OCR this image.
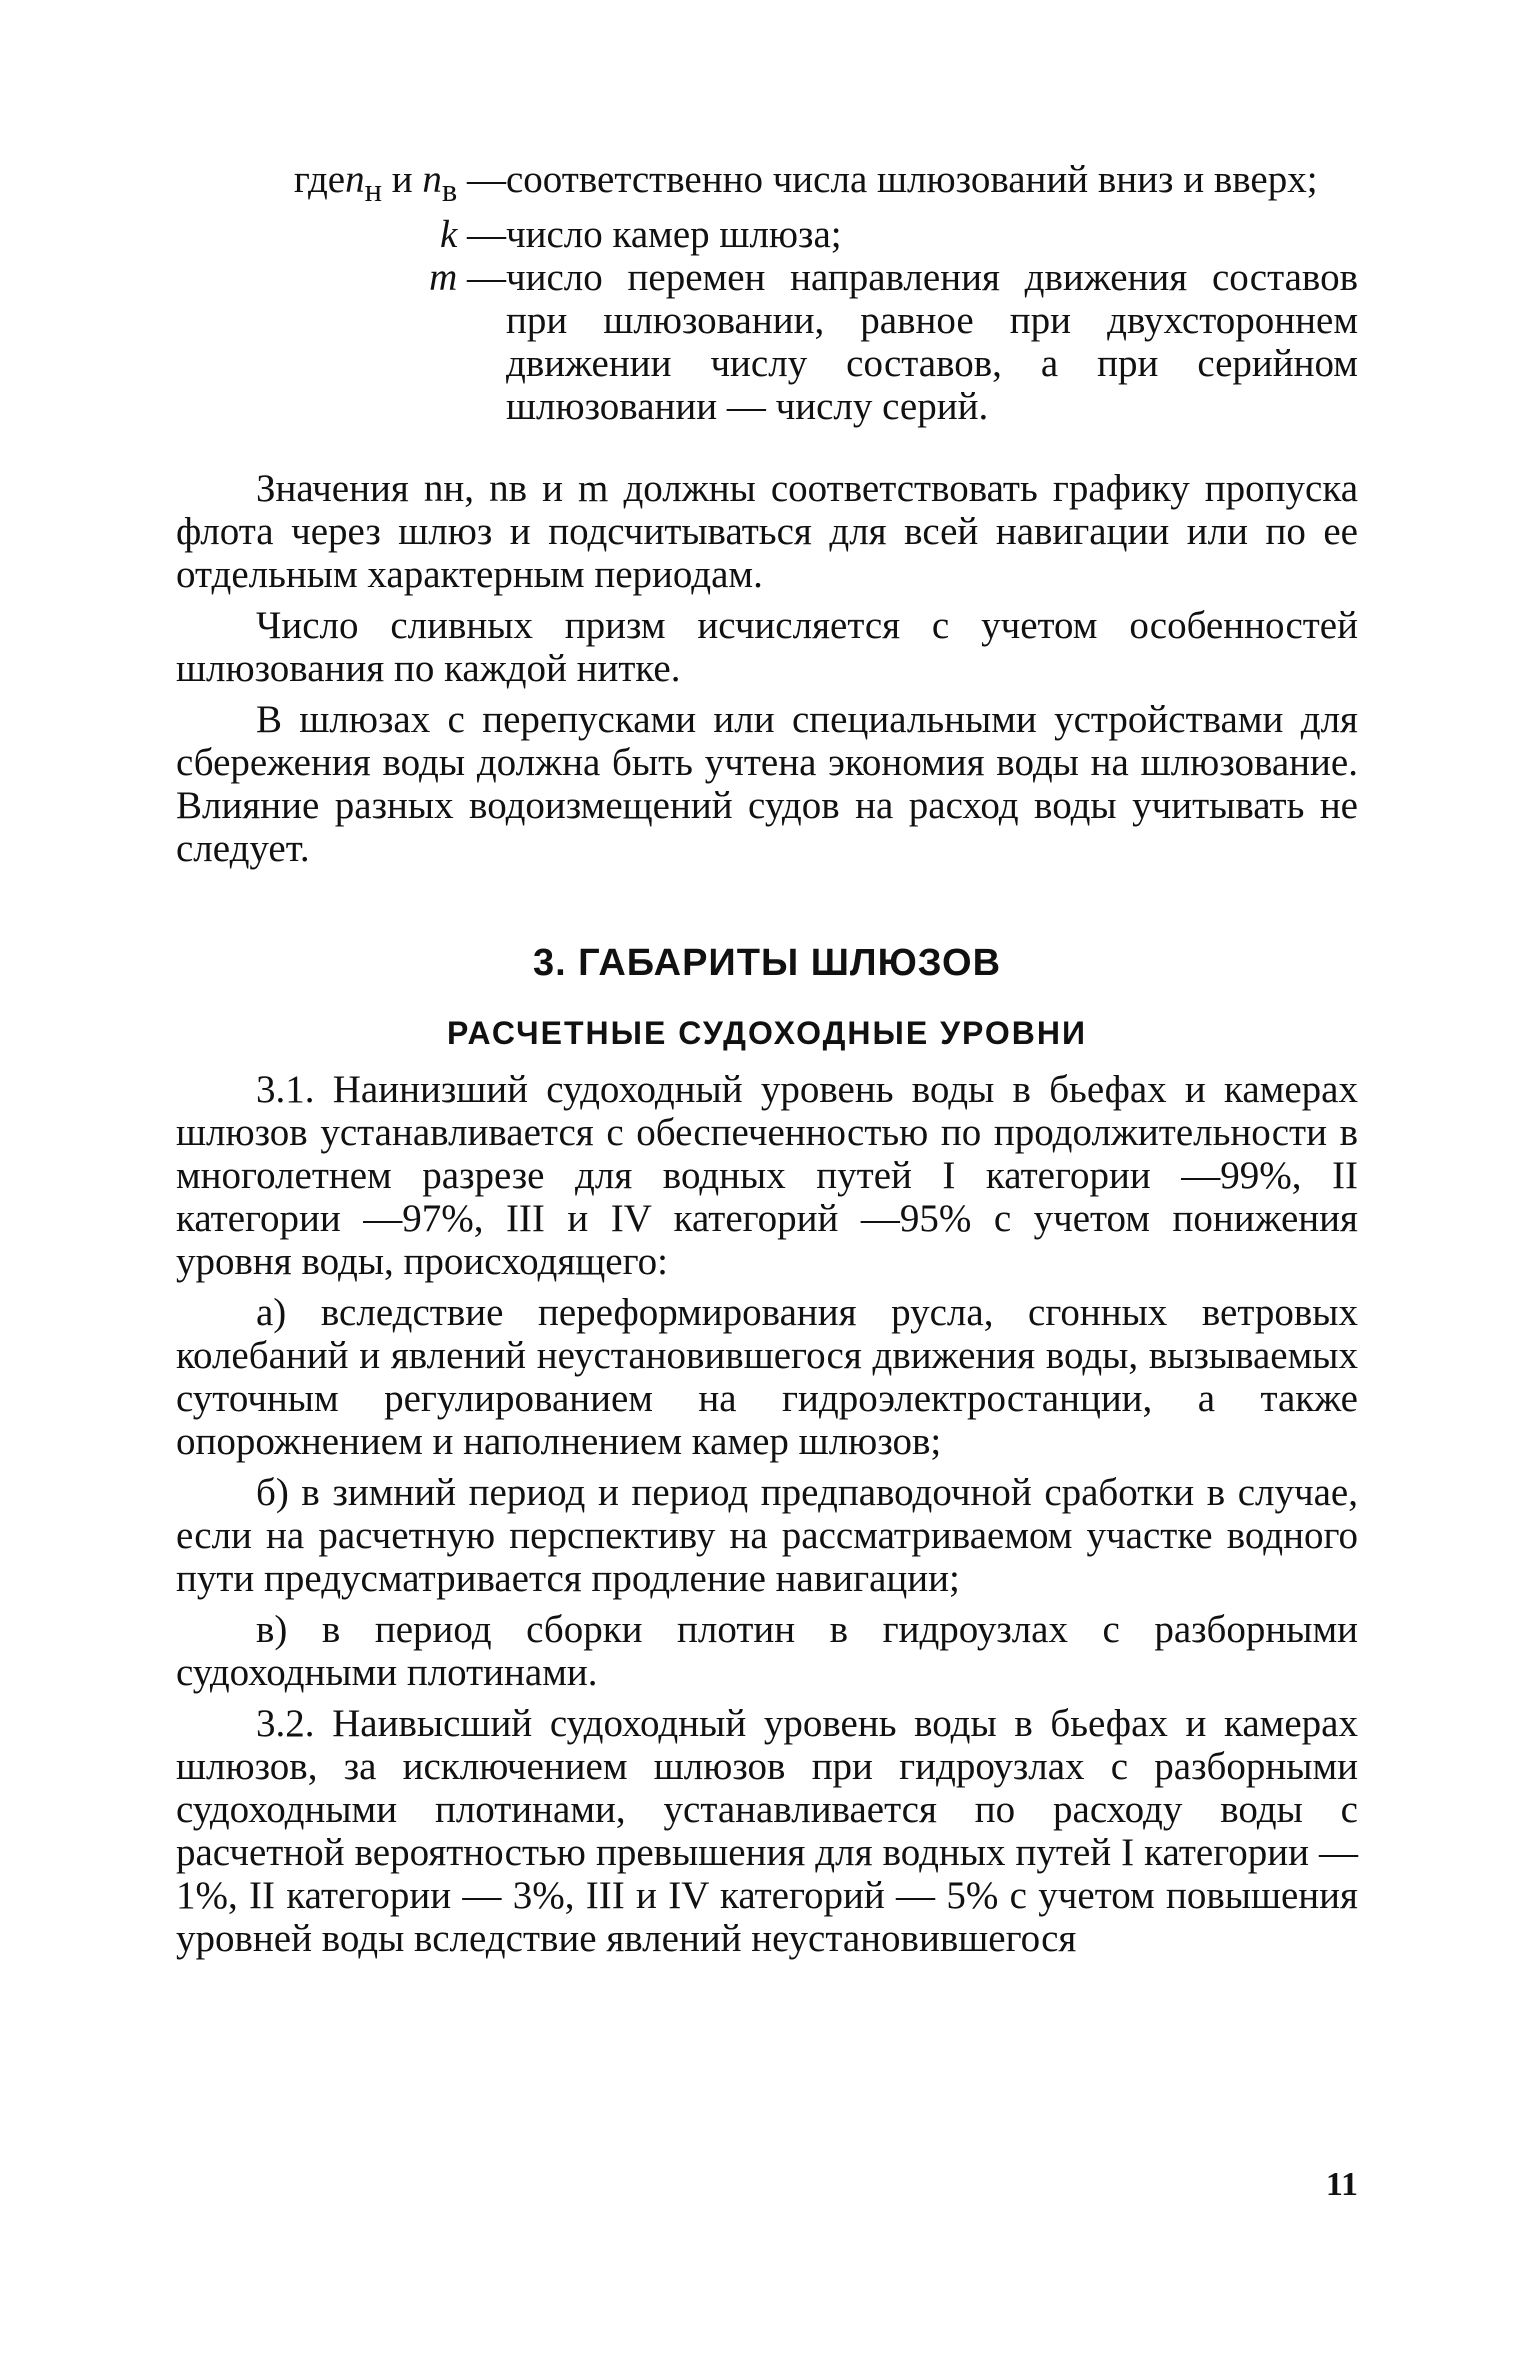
гдеn$_н$ и $n_в$ — соответственно числа шлюзований вниз и вверх;
k — число камер шлюза;
m — число перемен направления движения составов при шлюзовании, равное при двухстороннем движении числу составов, а при серийном шлюзовании — числу серий.

Значения nн, nв и m должны соответствовать графику пропуска флота через шлюз и подсчитываться для всей навигации или по ее отдельным характерным периодам.

Число сливных призм исчисляется с учетом особенностей шлюзования по каждой нитке.

В шлюзах с перепусками или специальными устройствами для сбережения воды должна быть учтена экономия воды на шлюзование. Влияние разных водоизмещений судов на расход воды учитывать не следует.

3. ГАБАРИТЫ ШЛЮЗОВ
РАСЧЕТНЫЕ СУДОХОДНЫЕ УРОВНИ

3.1. Наинизший судоходный уровень воды в бьефах и камерах шлюзов устанавливается с обеспеченностью по продолжительности в многолетнем разрезе для водных путей I категории —99%, II категории —97%, III и IV категорий —95% с учетом понижения уровня воды, происходящего:

а) вследствие переформирования русла, сгонных ветровых колебаний и явлений неустановившегося движения воды, вызываемых суточным регулированием на гидроэлектростанции, а также опорожнением и наполнением камер шлюзов;

б) в зимний период и период предпаводочной сработки в случае, если на расчетную перспективу на рассматриваемом участке водного пути предусматривается продление навигации;

в) в период сборки плотин в гидроузлах с разборными судоходными плотинами.

3.2. Наивысший судоходный уровень воды в бьефах и камерах шлюзов, за исключением шлюзов при гидроузлах с разборными судоходными плотинами, устанавливается по расходу воды с расчетной вероятностью превышения для водных путей I категории — 1%, II категории — 3%, III и IV категорий — 5% с учетом повышения уровней воды вследствие явлений неустановившегося

11
